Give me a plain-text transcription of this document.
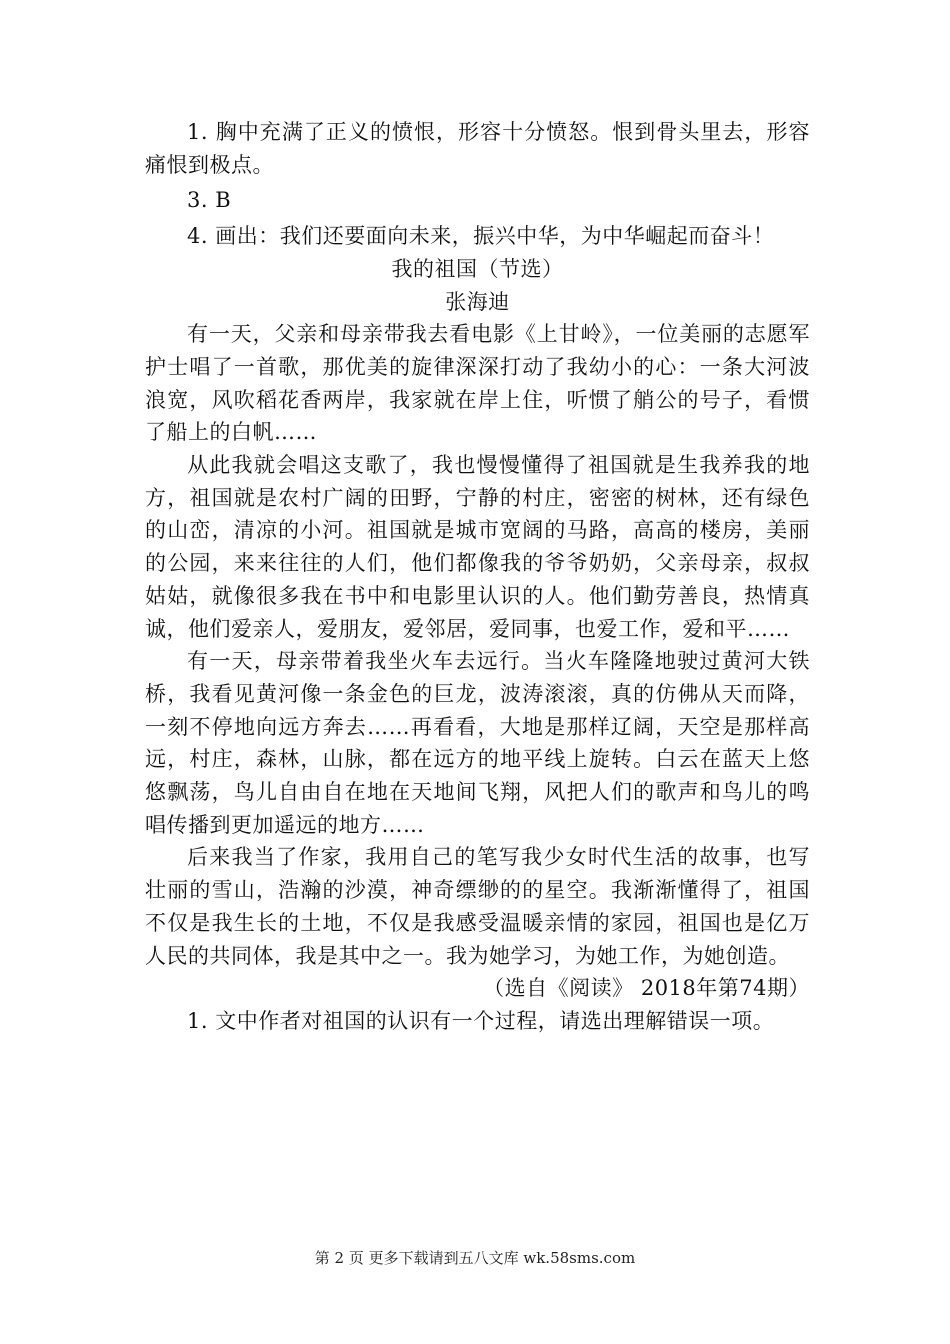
1. 胸中充满了正义的愤恨，形容十分愤怒。恨到骨头里去，形容痛恨到极点。

3. B

4. 画出：我们还要面向未来，振兴中华，为中华崛起而奋斗！

我的祖国（节选）

张海迪

有一天，父亲和母亲带我去看电影《上甘岭》，一位美丽的志愿军护士唱了一首歌，那优美的旋律深深打动了我幼小的心：一条大河波浪宽，风吹稻花香两岸，我家就在岸上住，听惯了艄公的号子，看惯了船上的白帆……

从此我就会唱这支歌了，我也慢慢懂得了祖国就是生我养我的地方，祖国就是农村广阔的田野，宁静的村庄，密密的树林，还有绿色的山峦，清凉的小河。祖国就是城市宽阔的马路，高高的楼房，美丽的公园，来来往往的人们，他们都像我的爷爷奶奶，父亲母亲，叔叔姑姑，就像很多我在书中和电影里认识的人。他们勤劳善良，热情真诚，他们爱亲人，爱朋友，爱邻居，爱同事，也爱工作，爱和平……

有一天，母亲带着我坐火车去远行。当火车隆隆地驶过黄河大铁桥，我看见黄河像一条金色的巨龙，波涛滚滚，真的仿佛从天而降，一刻不停地向远方奔去……再看看，大地是那样辽阔，天空是那样高远，村庄，森林，山脉，都在远方的地平线上旋转。白云在蓝天上悠悠飘荡，鸟儿自由自在地在天地间飞翔，风把人们的歌声和鸟儿的鸣唱传播到更加遥远的地方……

后来我当了作家，我用自己的笔写我少女时代生活的故事，也写壮丽的雪山，浩瀚的沙漠，神奇缥缈的的星空。我渐渐懂得了，祖国不仅是我生长的土地，不仅是我感受温暖亲情的家园，祖国也是亿万人民的共同体，我是其中之一。我为她学习，为她工作，为她创造。

（选自《阅读》 2018年第74期）

1. 文中作者对祖国的认识有一个过程，请选出理解错误一项。

第 2 页 更多下载请到五八文库 wk.58sms.com
